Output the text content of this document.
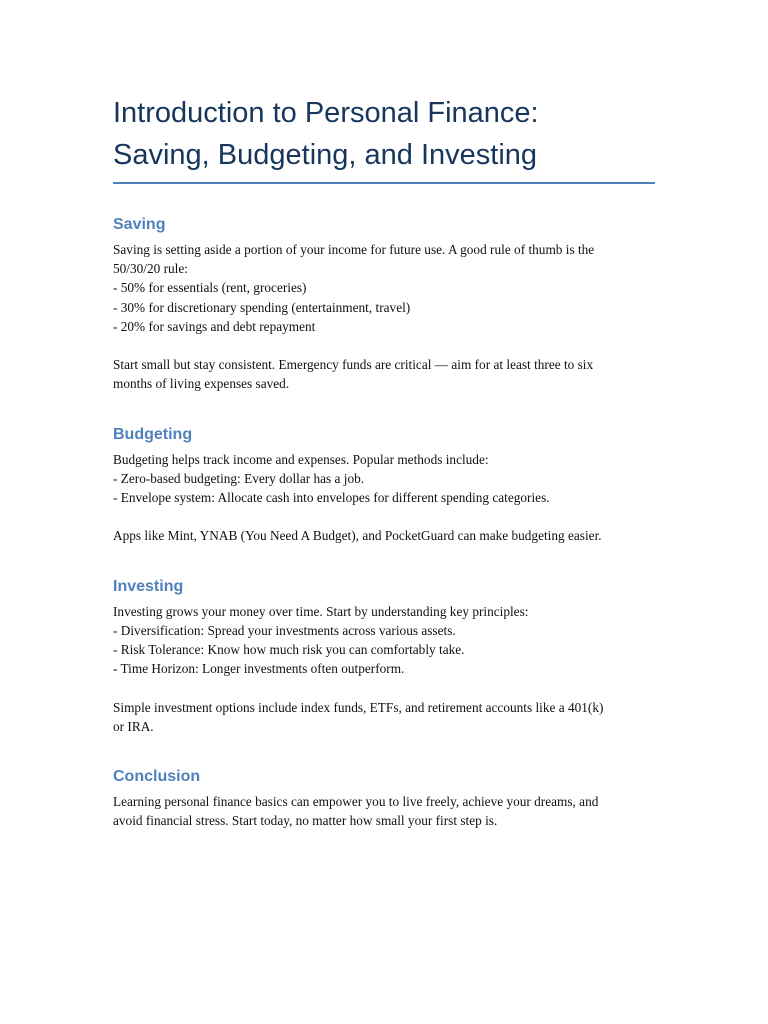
Introduction to Personal Finance:
Saving, Budgeting, and Investing
Saving

Saving is setting aside a portion of your income for future use. A good rule of thumb is the
50/30/20 rule:
- 50% for essentials (rent, groceries)
- 30% for discretionary spending (entertainment, travel)
- 20% for savings and debt repayment

Start small but stay consistent. Emergency funds are critical — aim for at least three to six
months of living expenses saved.

Budgeting

Budgeting helps track income and expenses. Popular methods include:
- Zero-based budgeting: Every dollar has a job.
- Envelope system: Allocate cash into envelopes for different spending categories.

Apps like Mint, YNAB (You Need A Budget), and PocketGuard can make budgeting easier.

Investing

Investing grows your money over time. Start by understanding key principles:
- Diversification: Spread your investments across various assets.
- Risk Tolerance: Know how much risk you can comfortably take.
- Time Horizon: Longer investments often outperform.

Simple investment options include index funds, ETFs, and retirement accounts like a 401(k)
or IRA.

Conclusion

Learning personal finance basics can empower you to live freely, achieve your dreams, and
avoid financial stress. Start today, no matter how small your first step is.
